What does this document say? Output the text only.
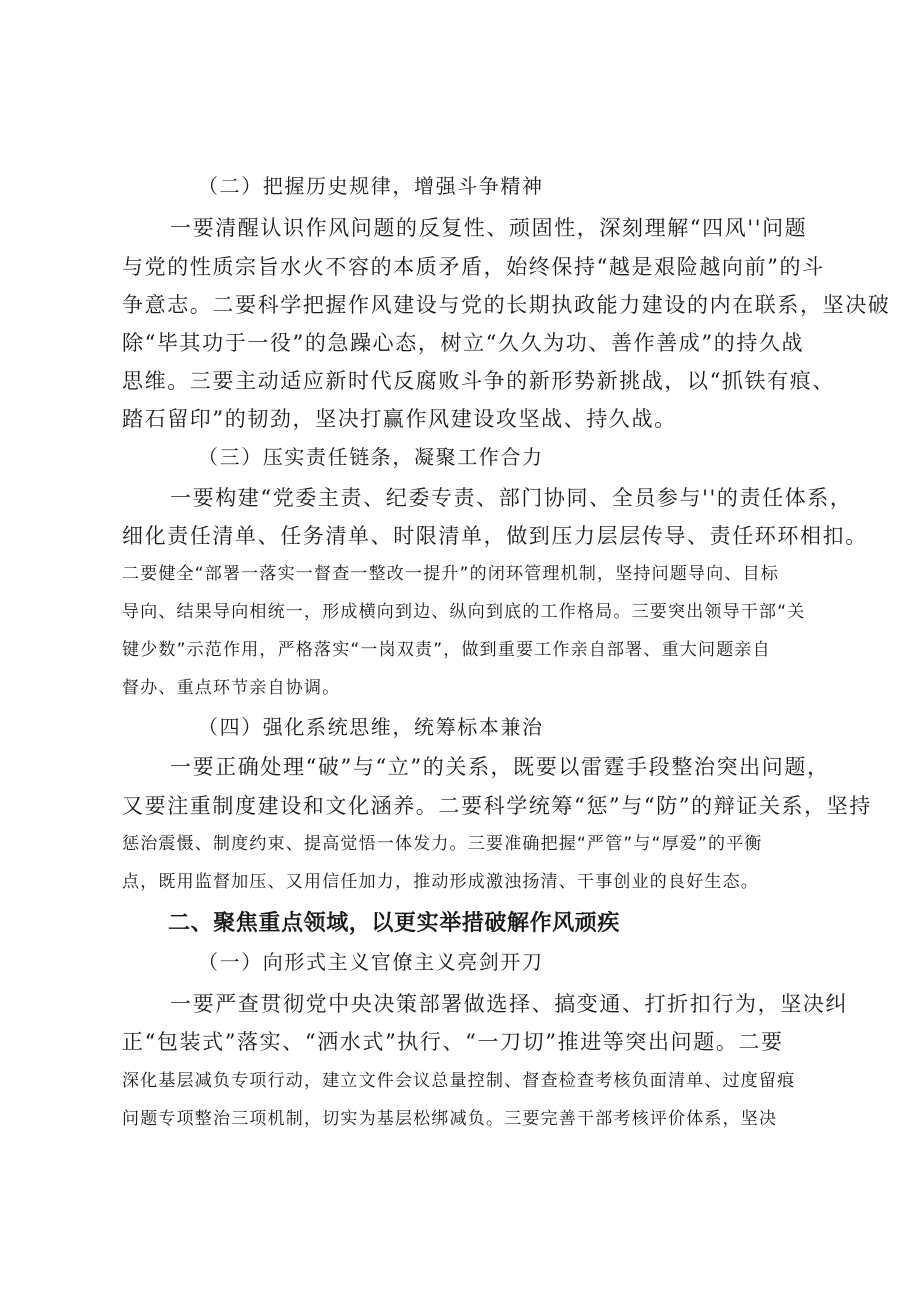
（二）把握历史规律，增强斗争精神
一要清醒认识作风问题的反复性、顽固性，深刻理解“四风''问题
与党的性质宗旨水火不容的本质矛盾，始终保持“越是艰险越向前”的斗
争意志。二要科学把握作风建设与党的长期执政能力建设的内在联系，坚决破
除“毕其功于一役”的急躁心态，树立“久久为功、善作善成”的持久战
思维。三要主动适应新时代反腐败斗争的新形势新挑战，以“抓铁有痕、
踏石留印”的韧劲，坚决打赢作风建设攻坚战、持久战。
（三）压实责任链条，凝聚工作合力
一要构建“党委主责、纪委专责、部门协同、全员参与''的责任体系，
细化责任清单、任务清单、时限清单，做到压力层层传导、责任环环相扣。
二要健全“部署一落实一督查一整改一提升”的闭环管理机制，坚持问题导向、目标
导向、结果导向相统一，形成横向到边、纵向到底的工作格局。三要突出领导干部“关
键少数”示范作用，严格落实“一岗双责”，做到重要工作亲自部署、重大问题亲自
督办、重点环节亲自协调。
（四）强化系统思维，统筹标本兼治
一要正确处理“破”与“立”的关系，既要以雷霆手段整治突出问题，
又要注重制度建设和文化涵养。二要科学统筹“惩”与“防”的辩证关系，坚持
惩治震慑、制度约束、提高觉悟一体发力。三要准确把握“严管”与“厚爱”的平衡
点，既用监督加压、又用信任加力，推动形成激浊扬清、干事创业的良好生态。
二、聚焦重点领域，以更实举措破解作风顽疾
（一）向形式主义官僚主义亮剑开刀
一要严查贯彻党中央决策部署做选择、搞变通、打折扣行为，坚决纠
正“包装式”落实、“洒水式”执行、“一刀切”推进等突出问题。二要
深化基层减负专项行动，建立文件会议总量控制、督查检查考核负面清单、过度留痕
问题专项整治三项机制，切实为基层松绑减负。三要完善干部考核评价体系，坚决
